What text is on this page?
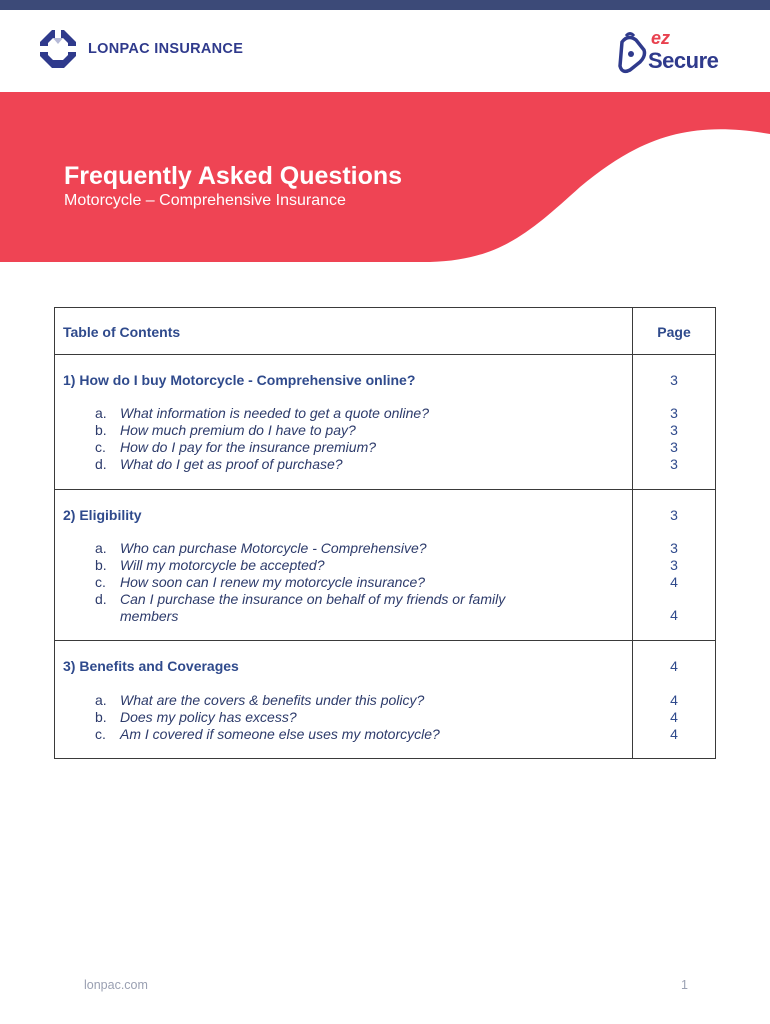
LONPAC INSURANCE
ez
Secure
Frequently Asked Questions
Motorcycle – Comprehensive Insurance
Table of Contents	Page
1) How do I buy Motorcycle - Comprehensive online?	3
a. What information is needed to get a quote online?	3
b. How much premium do I have to pay?	3
c. How do I pay for the insurance premium?	3
d. What do I get as proof of purchase?	3
2) Eligibility	3
a. Who can purchase Motorcycle - Comprehensive?	3
b. Will my motorcycle be accepted?	3
c. How soon can I renew my motorcycle insurance?	4
d. Can I purchase the insurance on behalf of my friends or family
members	4
3) Benefits and Coverages	4
a. What are the covers & benefits under this policy?	4
b. Does my policy has excess?	4
c. Am I covered if someone else uses my motorcycle?	4
lonpac.com	1
